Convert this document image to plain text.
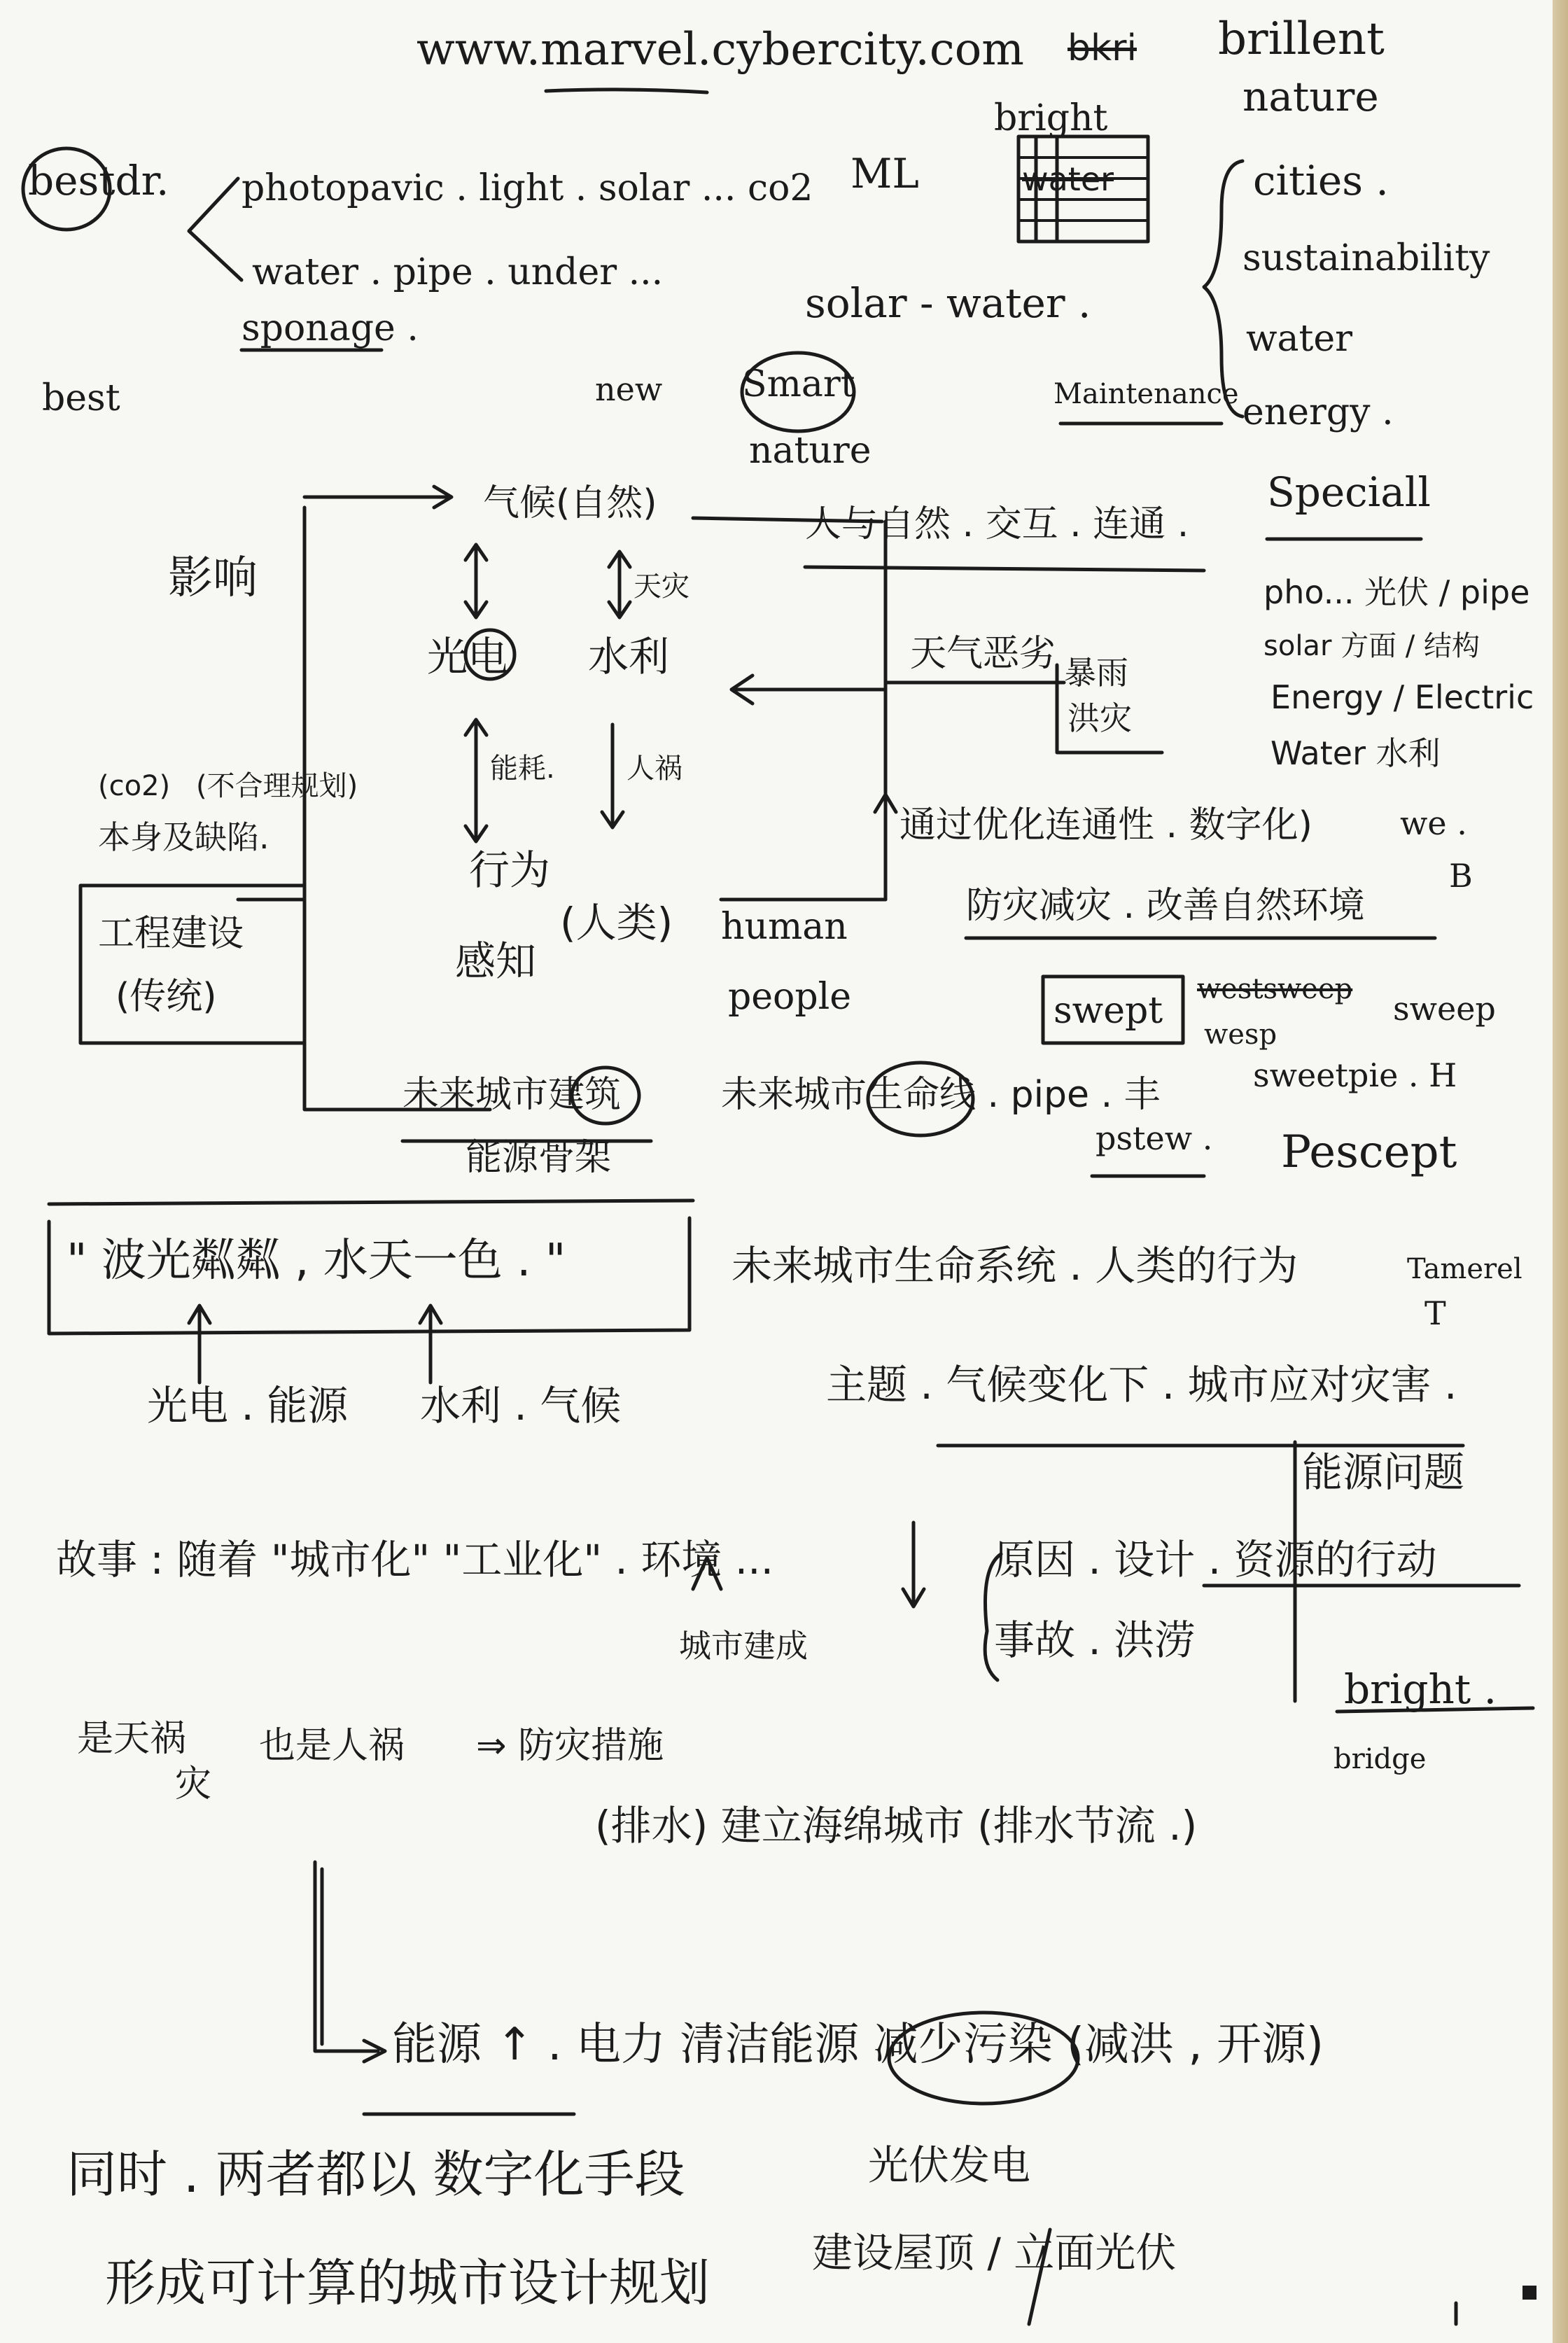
www.marvel.cybercity.com bkri brillent
bestdr. photopavic . light . solar ... co2
water . pipe . under ...
sponage .
best
ML
bright
water
solar - water .
new Smart
nature
Maintenance
nature
cities .
sustainability
water
energy .
Speciall
pho... 光伏 / pipe
solar 方面 / 结构
Energy / Electric
Water 水利
we .
B
影响
气候(自然)
光电 水利
天灾
能耗.	人祸
行为
感知
(人类)
人与自然 . 交互 . 连通 .
天气恶劣 暴雨
洪灾
通过优化连通性 . 数字化)
防灾减灾 . 改善自然环境
(co2) (不合理规划)
本身及缺陷.
工程建设
(传统)
未来城市建筑
能源骨架
human
people
未来城市生命线 . pipe . 丰
swept
westsweep
wesp
sweep
sweetpie . H
pstew . Pescept
" 波光粼粼 , 水天一色 . "
光电 . 能源 水利 . 气候
未来城市生命系统 . 人类的行为	Tamerel
T
主题 . 气候变化下 . 城市应对灾害 .
能源问题
故事 : 随着 "城市化" "工业化" . 环境 ...
城市建成
原因 . 设计 . 资源的行动
事故 . 洪涝
bright .
bridge
是天祸
灾
也是人祸 ⇒ 防灾措施
(排水) 建立海绵城市 (排水节流 .)
能源 ↑ . 电力 清洁能源 减少污染 (减洪 , 开源)
同时 . 两者都以 数字化手段
形成可计算的城市设计规划
光伏发电
建设屋顶 / 立面光伏
